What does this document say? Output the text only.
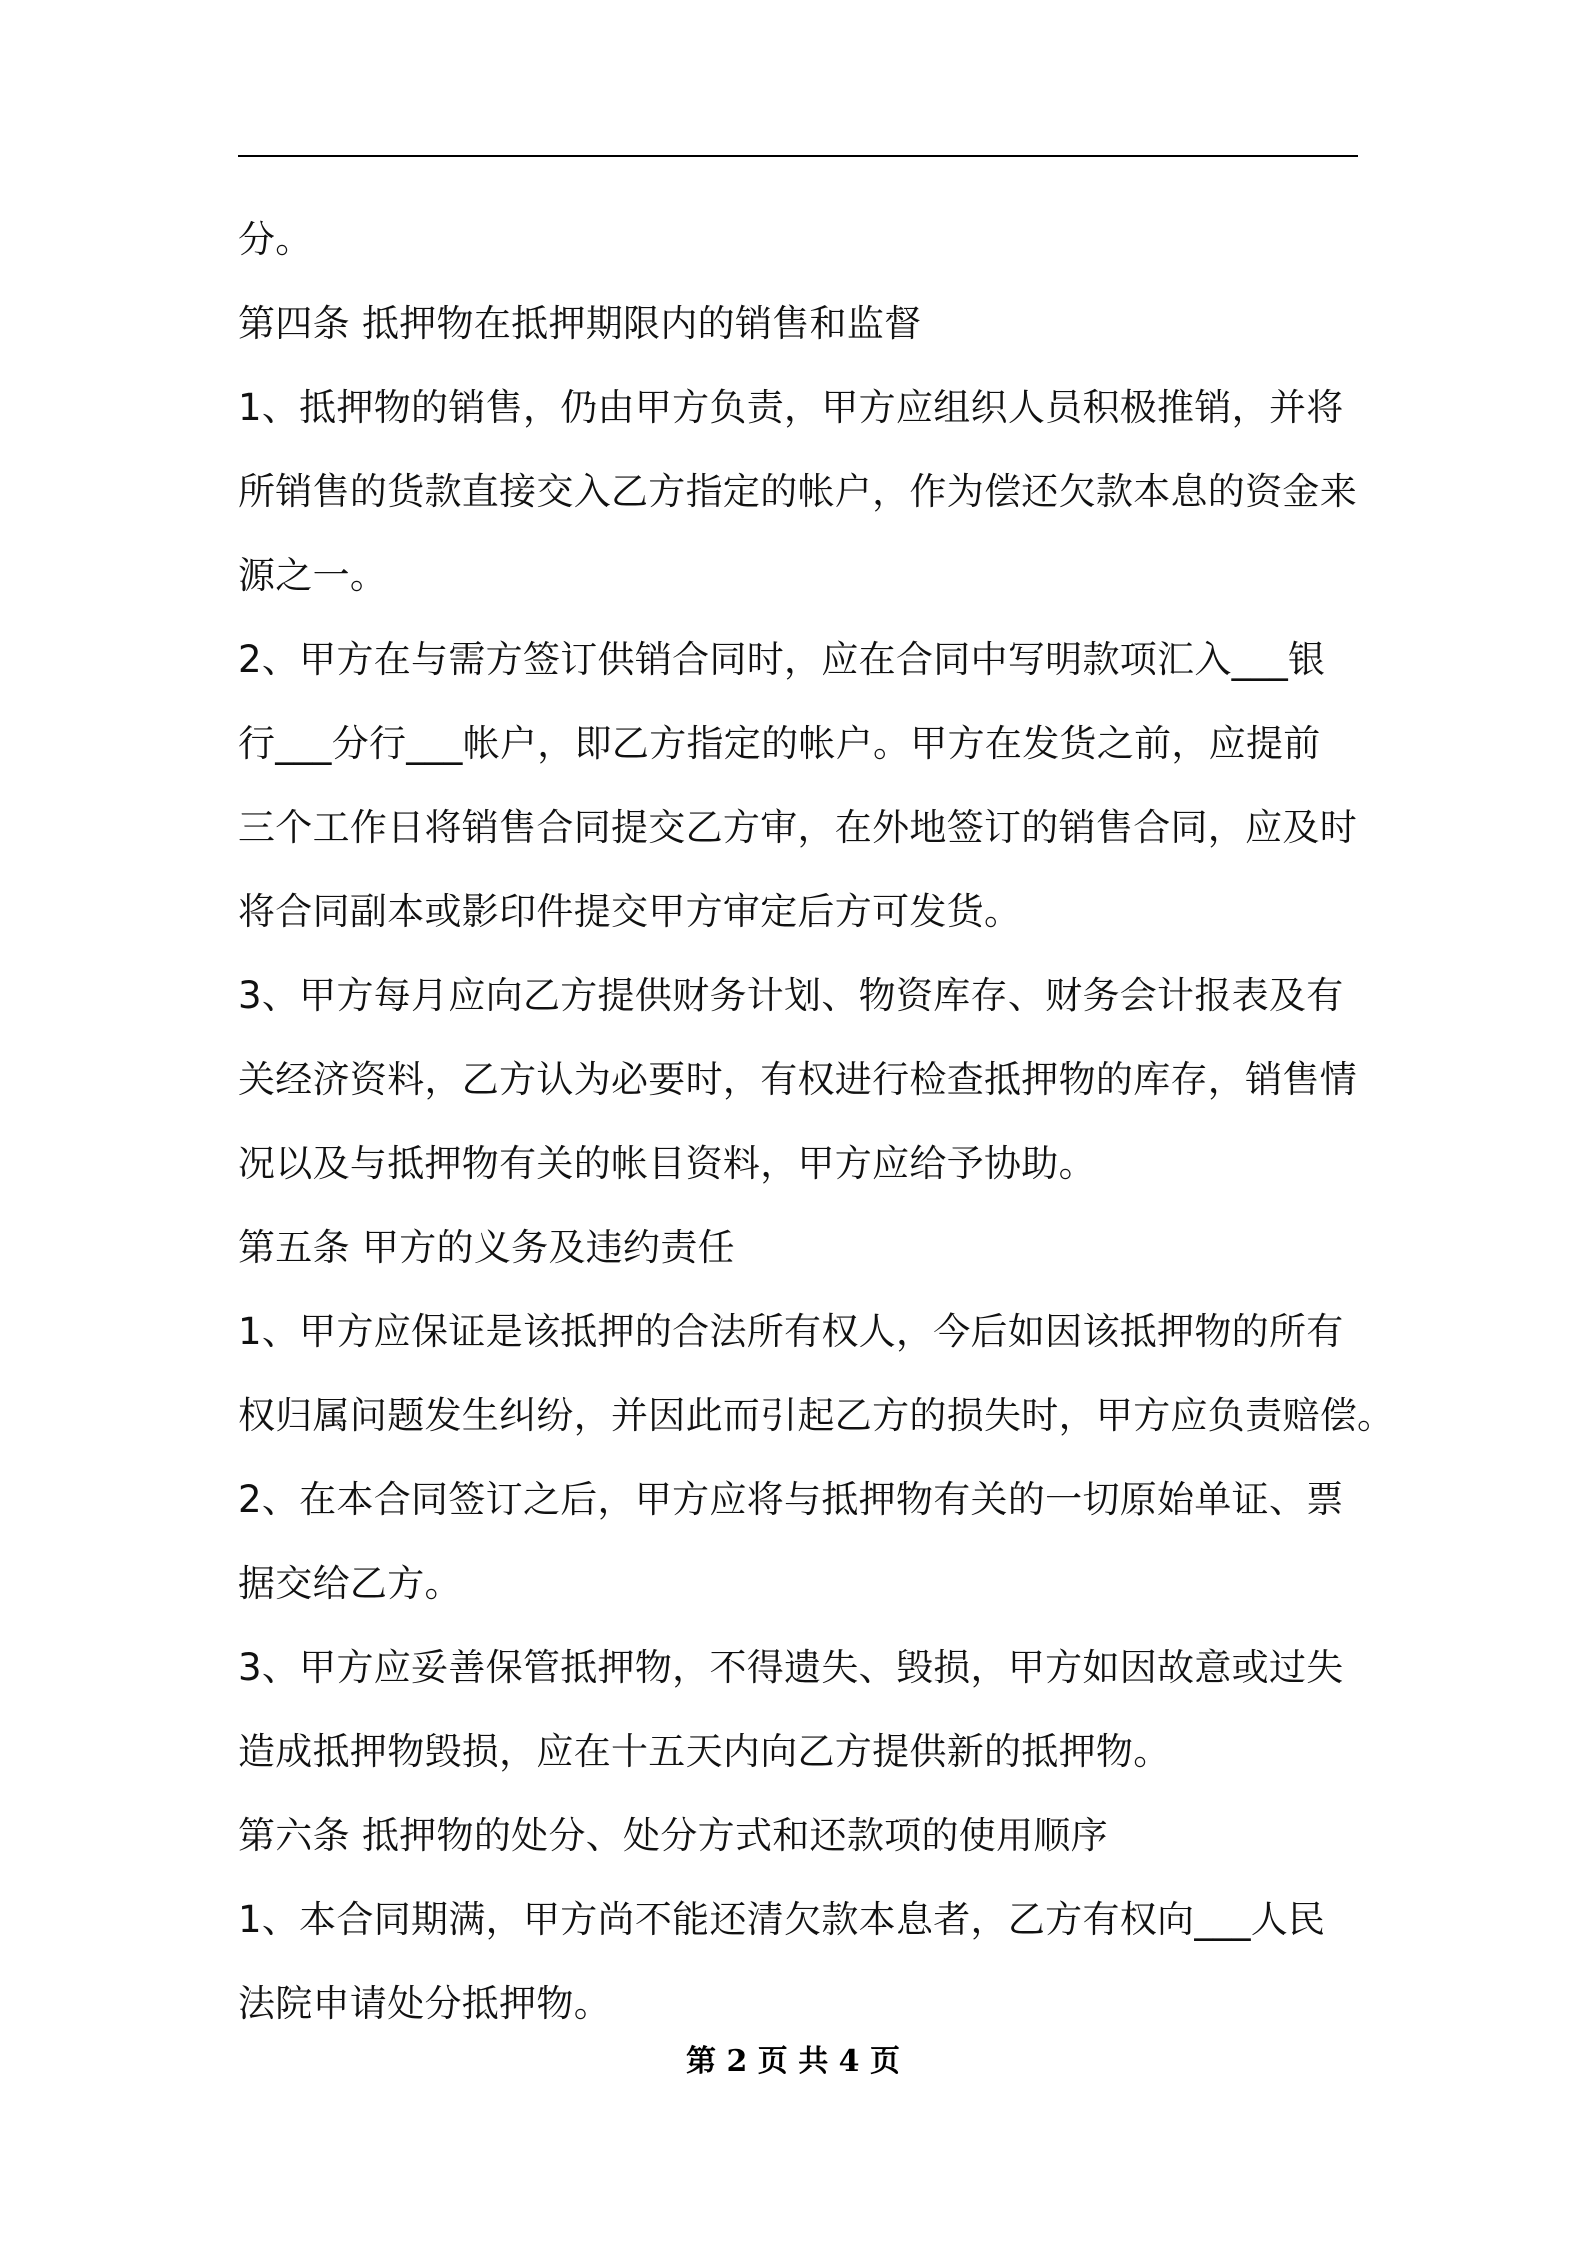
分。
第四条 抵押物在抵押期限内的销售和监督
1、抵押物的销售，仍由甲方负责，甲方应组织人员积极推销，并将
所销售的货款直接交入乙方指定的帐户，作为偿还欠款本息的资金来
源之一。
2、甲方在与需方签订供销合同时，应在合同中写明款项汇入___银
行___分行___帐户，即乙方指定的帐户。甲方在发货之前，应提前
三个工作日将销售合同提交乙方审，在外地签订的销售合同，应及时
将合同副本或影印件提交甲方审定后方可发货。
3、甲方每月应向乙方提供财务计划、物资库存、财务会计报表及有
关经济资料，乙方认为必要时，有权进行检查抵押物的库存，销售情
况以及与抵押物有关的帐目资料，甲方应给予协助。
第五条 甲方的义务及违约责任
1、甲方应保证是该抵押的合法所有权人，今后如因该抵押物的所有
权归属问题发生纠纷，并因此而引起乙方的损失时，甲方应负责赔偿。
2、在本合同签订之后，甲方应将与抵押物有关的一切原始单证、票
据交给乙方。
3、甲方应妥善保管抵押物，不得遗失、毁损，甲方如因故意或过失
造成抵押物毁损，应在十五天内向乙方提供新的抵押物。
第六条 抵押物的处分、处分方式和还款项的使用顺序
1、本合同期满，甲方尚不能还清欠款本息者，乙方有权向___人民
法院申请处分抵押物。
第 2 页 共 4 页
